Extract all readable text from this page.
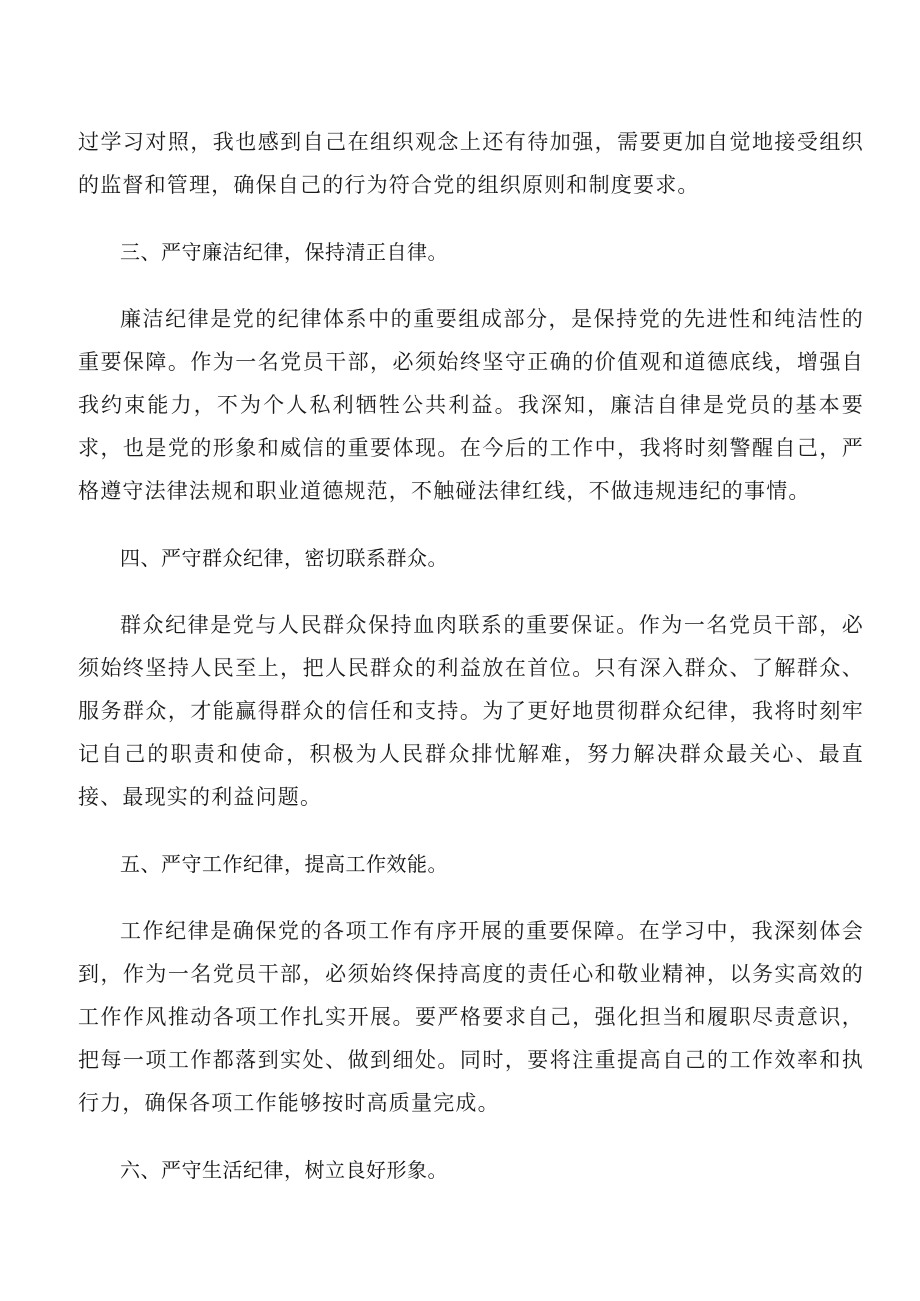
过学习对照，我也感到自己在组织观念上还有待加强，需要更加自觉地接受组织的监督和管理，确保自己的行为符合党的组织原则和制度要求。

三、严守廉洁纪律，保持清正自律。

廉洁纪律是党的纪律体系中的重要组成部分，是保持党的先进性和纯洁性的重要保障。作为一名党员干部，必须始终坚守正确的价值观和道德底线，增强自我约束能力，不为个人私利牺牲公共利益。我深知，廉洁自律是党员的基本要求，也是党的形象和威信的重要体现。在今后的工作中，我将时刻警醒自己，严格遵守法律法规和职业道德规范，不触碰法律红线，不做违规违纪的事情。

四、严守群众纪律，密切联系群众。

群众纪律是党与人民群众保持血肉联系的重要保证。作为一名党员干部，必须始终坚持人民至上，把人民群众的利益放在首位。只有深入群众、了解群众、服务群众，才能赢得群众的信任和支持。为了更好地贯彻群众纪律，我将时刻牢记自己的职责和使命，积极为人民群众排忧解难，努力解决群众最关心、最直接、最现实的利益问题。

五、严守工作纪律，提高工作效能。

工作纪律是确保党的各项工作有序开展的重要保障。在学习中，我深刻体会到，作为一名党员干部，必须始终保持高度的责任心和敬业精神，以务实高效的工作作风推动各项工作扎实开展。要严格要求自己，强化担当和履职尽责意识，把每一项工作都落到实处、做到细处。同时，要将注重提高自己的工作效率和执行力，确保各项工作能够按时高质量完成。

六、严守生活纪律，树立良好形象。
